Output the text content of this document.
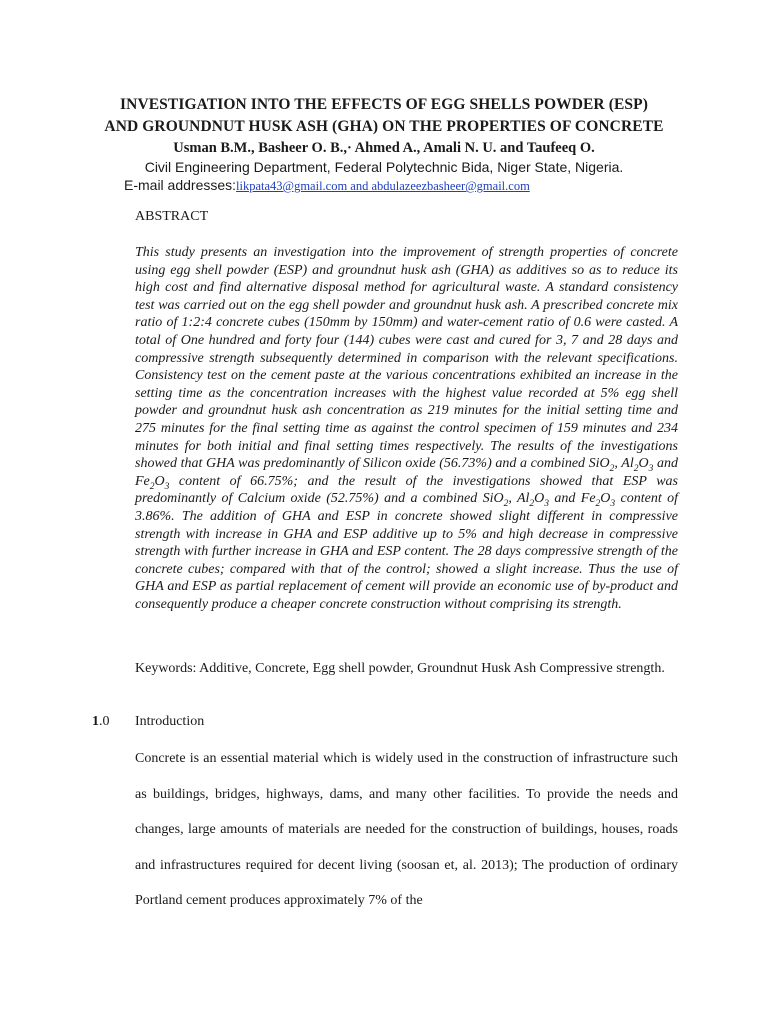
INVESTIGATION INTO THE EFFECTS OF EGG SHELLS POWDER (ESP)
AND GROUNDNUT HUSK ASH (GHA) ON THE PROPERTIES OF CONCRETE
Usman B.M., Basheer O. B.,· Ahmed A., Amali N. U. and Taufeeq O.
Civil Engineering Department, Federal Polytechnic Bida, Niger State, Nigeria.
E-mail addresses:likpata43@gmail.com and abdulazeezbasheer@gmail.com
ABSTRACT
This study presents an investigation into the improvement of strength properties of concrete using egg shell powder (ESP) and groundnut husk ash (GHA) as additives so as to reduce its high cost and find alternative disposal method for agricultural waste. A standard consistency test was carried out on the egg shell powder and groundnut husk ash. A prescribed concrete mix ratio of 1:2:4 concrete cubes (150mm by 150mm) and water-cement ratio of 0.6 were casted. A total of One hundred and forty four (144) cubes were cast and cured for 3, 7 and 28 days and compressive strength subsequently determined in comparison with the relevant specifications. Consistency test on the cement paste at the various concentrations exhibited an increase in the setting time as the concentration increases with the highest value recorded at 5% egg shell powder and groundnut husk ash concentration as 219 minutes for the initial setting time and 275 minutes for the final setting time as against the control specimen of 159 minutes and 234 minutes for both initial and final setting times respectively. The results of the investigations showed that GHA was predominantly of Silicon oxide (56.73%) and a combined SiO$_2$, $Al_2O_3$ and $Fe_2O_3$ content of 66.75%; and the result of the investigations showed that ESP was predominantly of Calcium oxide (52.75%) and a combined SiO$_2$, $Al_2O_3$ and $Fe_2O_3$ content of 3.86%. The addition of GHA and ESP in concrete showed slight different in compressive strength with increase in GHA and ESP additive up to 5% and high decrease in compressive strength with further increase in GHA and ESP content. The 28 days compressive strength of the concrete cubes; compared with that of the control; showed a slight increase. Thus the use of GHA and ESP as partial replacement of cement will provide an economic use of by-product and consequently produce a cheaper concrete construction without comprising its strength.
Keywords: Additive, Concrete, Egg shell powder, Groundnut Husk Ash Compressive strength.
1.0 Introduction
Concrete is an essential material which is widely used in the construction of infrastructure such as buildings, bridges, highways, dams, and many other facilities. To provide the needs and changes, large amounts of materials are needed for the construction of buildings, houses, roads and infrastructures required for decent living (soosan et, al. 2013); The production of ordinary Portland cement produces approximately 7% of the
